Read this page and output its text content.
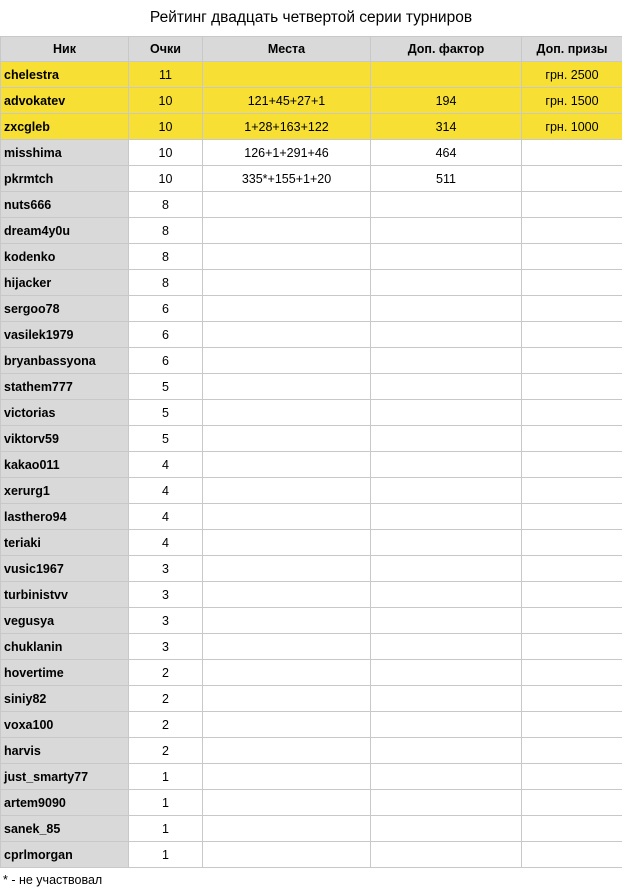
Рейтинг двадцать четвертой серии турниров
Ник	Очки	Места	Доп. фактор	Доп. призы
chelestra	11			грн. 2500
advokatev	10	121+45+27+1	194	грн. 1500
zxcgleb	10	1+28+163+122	314	грн. 1000
misshima	10	126+1+291+46	464	
pkrmtch	10	335*+155+1+20	511	
nuts666	8			
dream4y0u	8			
kodenko	8			
hijacker	8			
sergoo78	6			
vasilek1979	6			
bryanbassyona	6			
stathem777	5			
victorias	5			
viktorv59	5			
kakao011	4			
xerurg1	4			
lasthero94	4			
teriaki	4			
vusic1967	3			
turbinistvv	3			
vegusya	3			
chuklanin	3			
hovertime	2			
siniy82	2			
voxa100	2			
harvis	2			
just_smarty77	1			
artem9090	1			
sanek_85	1			
cprlmorgan	1			
* - не участвовал
